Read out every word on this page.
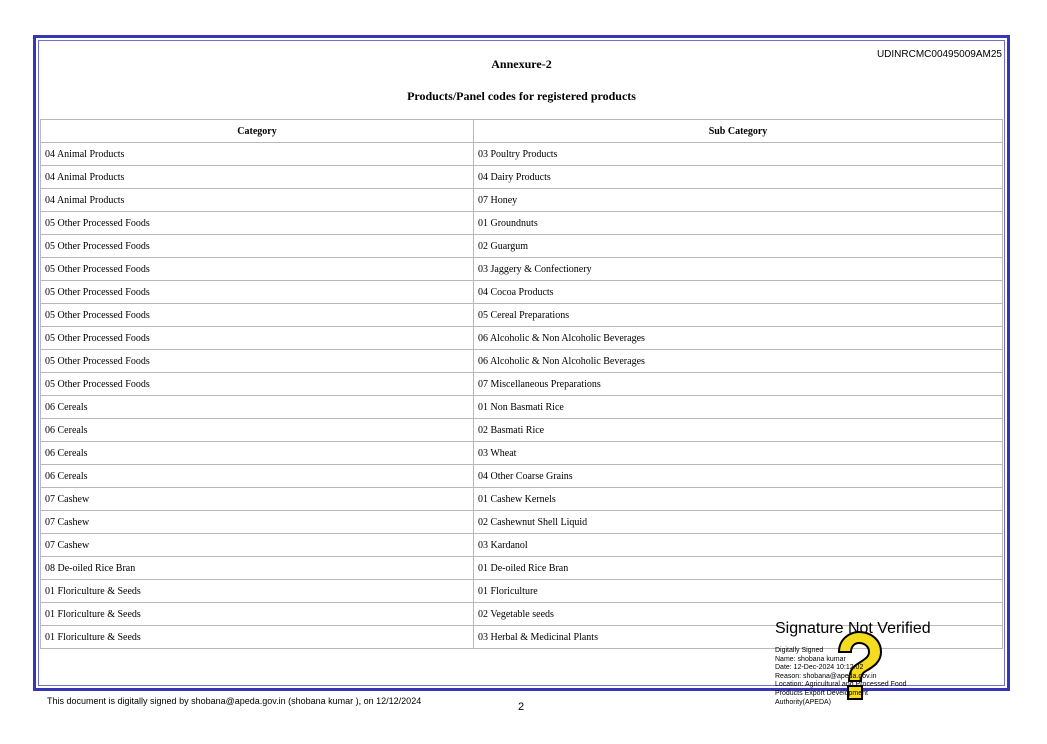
UDINRCMC00495009AM25
Annexure-2
Products/Panel codes for registered products
Category	Sub Category
04 Animal Products	03 Poultry Products
04 Animal Products	04 Dairy Products
04 Animal Products	07 Honey
05 Other Processed Foods	01 Groundnuts
05 Other Processed Foods	02 Guargum
05 Other Processed Foods	03 Jaggery & Confectionery
05 Other Processed Foods	04 Cocoa Products
05 Other Processed Foods	05 Cereal Preparations
05 Other Processed Foods	06 Alcoholic & Non Alcoholic Beverages
05 Other Processed Foods	06 Alcoholic & Non Alcoholic Beverages
05 Other Processed Foods	07 Miscellaneous Preparations
06 Cereals	01 Non Basmati Rice
06 Cereals	02 Basmati Rice
06 Cereals	03 Wheat
06 Cereals	04 Other Coarse Grains
07 Cashew	01 Cashew Kernels
07 Cashew	02 Cashewnut Shell Liquid
07 Cashew	03 Kardanol
08 De-oiled Rice Bran	01 De-oiled Rice Bran
01 Floriculture & Seeds	01 Floriculture
01 Floriculture & Seeds	02 Vegetable seeds
01 Floriculture & Seeds	03 Herbal & Medicinal Plants
This document is digitally signed by shobana@apeda.gov.in (shobana kumar ), on 12/12/2024	2
Signature Not Verified
Digitally Signed
Name: shobana kumar
Date: 12-Dec-2024 10:12:02
Reason: shobana@apeda.gov.in
Location: Agricultural and Processed Food
Products Export Development
Authority(APEDA)
